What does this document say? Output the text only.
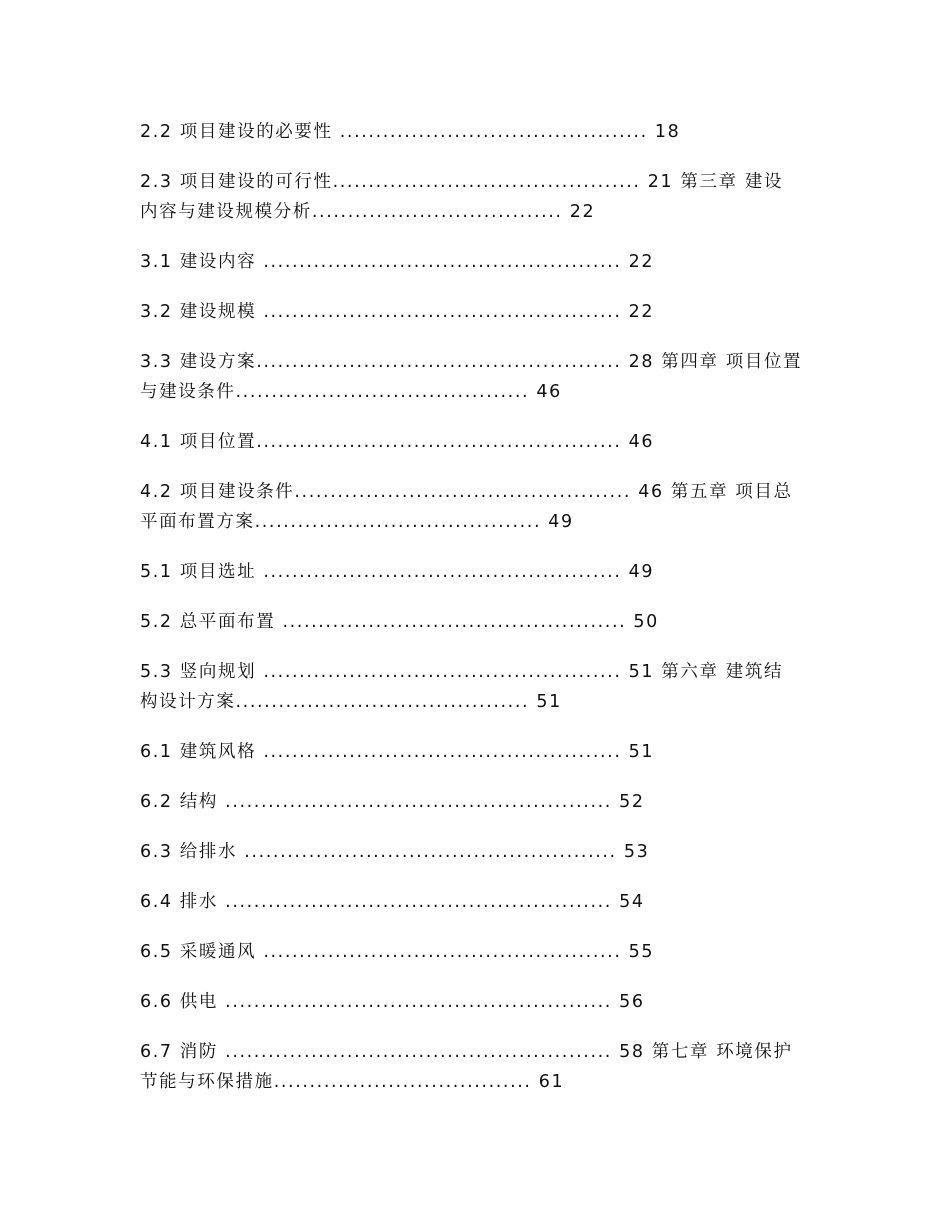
2.2 项目建设的必要性 ........................................... 18

2.3 项目建设的可行性........................................... 21 第三章 建设
内容与建设规模分析................................... 22

3.1 建设内容 .................................................. 22

3.2 建设规模 .................................................. 22

3.3 建设方案................................................... 28 第四章 项目位置
与建设条件......................................... 46

4.1 项目位置................................................... 46

4.2 项目建设条件............................................... 46 第五章 项目总
平面布置方案........................................ 49

5.1 项目选址 .................................................. 49

5.2 总平面布置 ................................................ 50

5.3 竖向规划 .................................................. 51 第六章 建筑结
构设计方案......................................... 51

6.1 建筑风格 .................................................. 51

6.2 结构 ...................................................... 52

6.3 给排水 .................................................... 53

6.4 排水 ...................................................... 54

6.5 采暖通风 .................................................. 55

6.6 供电 ...................................................... 56

6.7 消防 ...................................................... 58 第七章 环境保护
节能与环保措施.................................... 61
